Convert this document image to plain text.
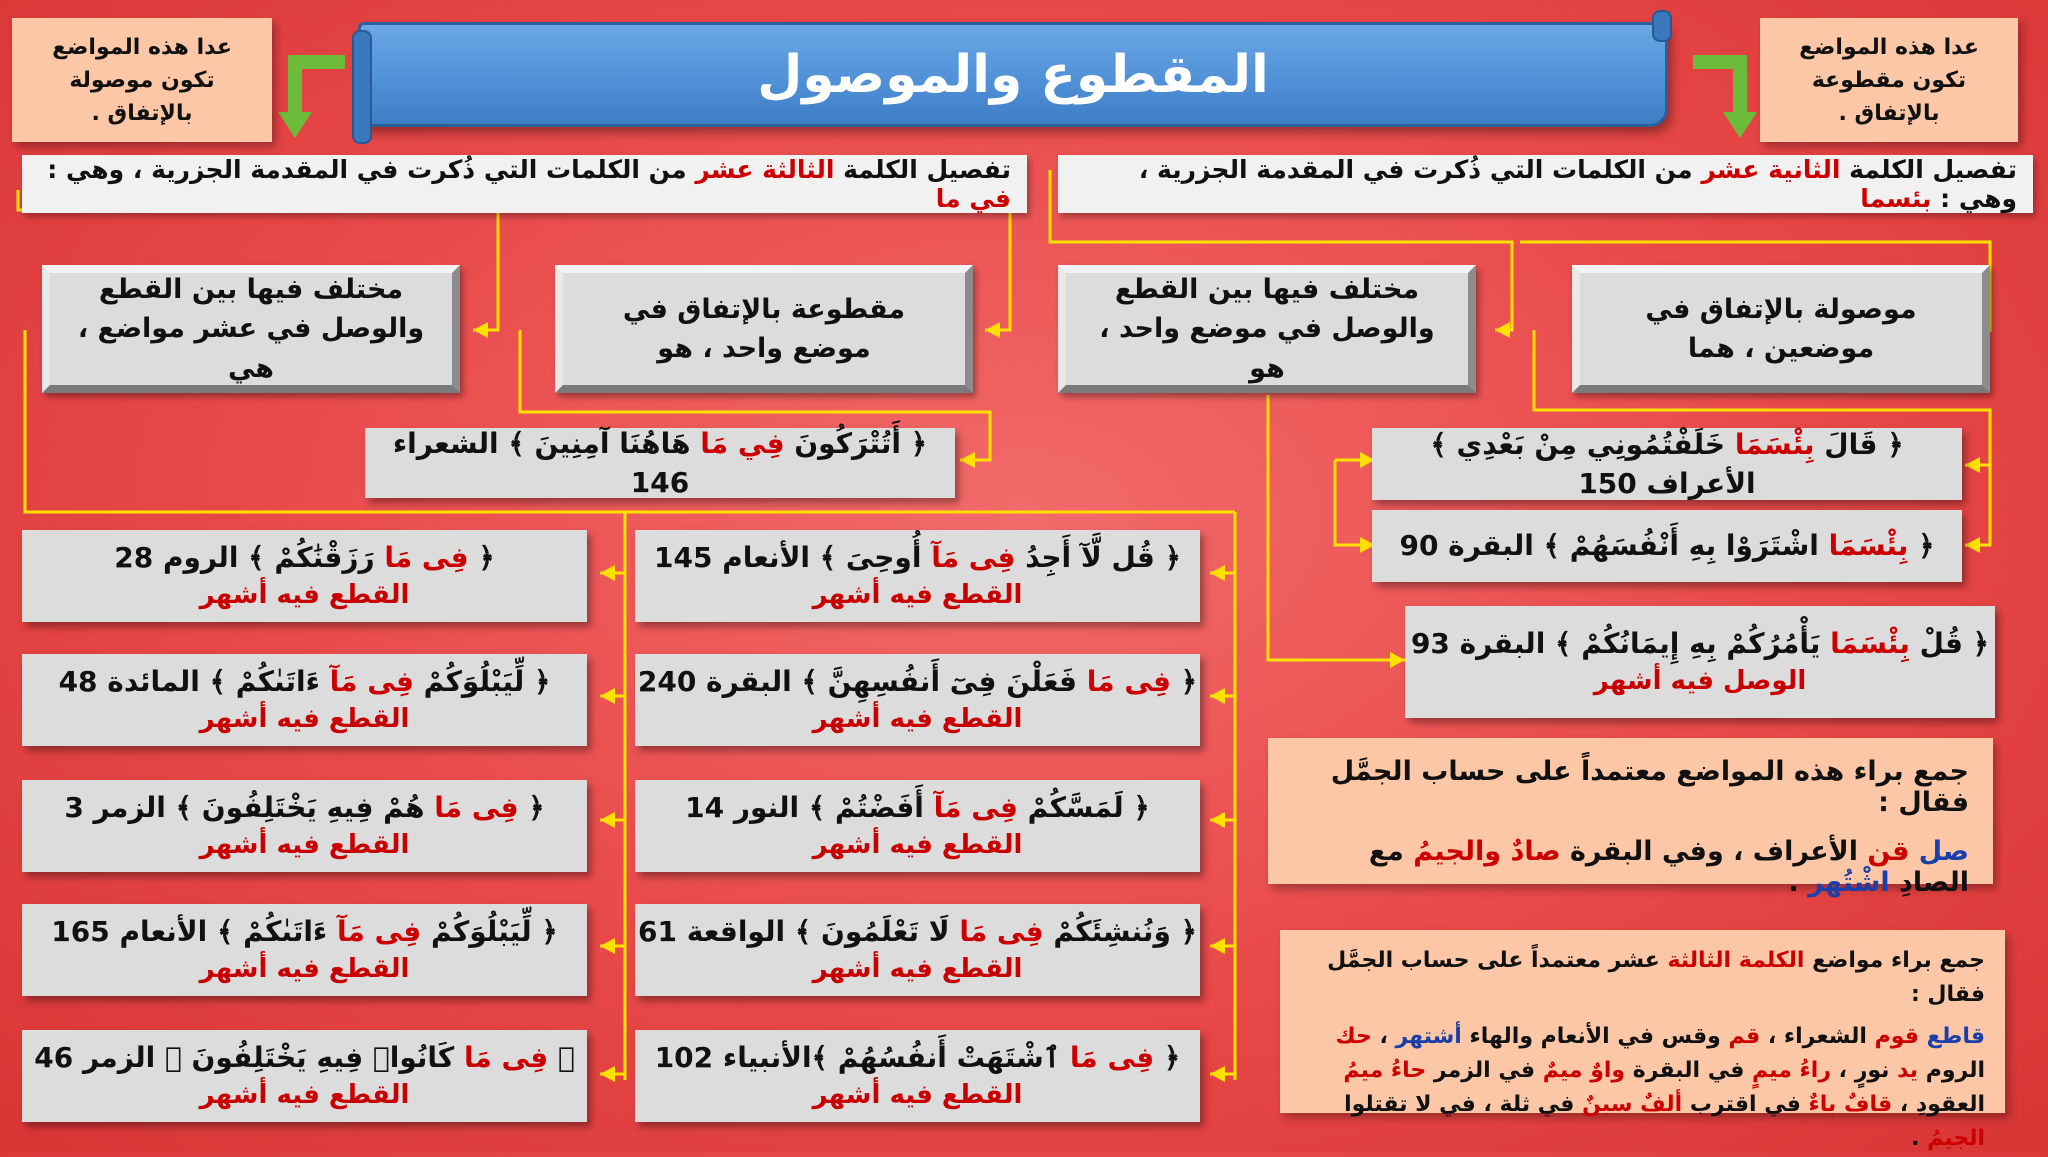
المقطوع والموصول
عدا هذه المواضع تكون موصولة بالإتفاق .
عدا هذه المواضع تكون مقطوعة بالإتفاق .
تفصيل الكلمة الثالثة عشر من الكلمات التي ذُكرت في المقدمة الجزرية ، وهي : في ما
تفصيل الكلمة الثانية عشر من الكلمات التي ذُكرت في المقدمة الجزرية ، وهي : بئسما
مختلف فيها بين القطع والوصل في عشر مواضع ، هي
مقطوعة بالإتفاق في موضع واحد ، هو
مختلف فيها بين القطع والوصل في موضع واحد ، هو
موصولة بالإتفاق في موضعين ، هما
﴿ قَالَ بِئْسَمَا خَلَفْتُمُونِي مِنْ بَعْدِي ﴾ الأعراف 150
﴿ بِئْسَمَا اشْتَرَوْا بِهِ أَنْفُسَهُمْ ﴾ البقرة 90
﴿ قُلْ بِئْسَمَا يَأْمُرُكُمْ بِهِ إِيمَانُكُمْ ﴾ البقرة 93
الوصل فيه أشهر
﴿ أَتُتْرَكُونَ فِي مَا هَاهُنَا آمِنِينَ ﴾ الشعراء 146
﴿ قُل لَّآ أَجِدُ فِى مَآ أُوحِىَ ﴾ الأنعام 145
القطع فيه أشهر
﴿ فِى مَا فَعَلْنَ فِىٓ أَنفُسِهِنَّ ﴾ البقرة 240
القطع فيه أشهر
﴿ لَمَسَّكُمْ فِى مَآ أَفَضْتُمْ ﴾ النور 14
القطع فيه أشهر
﴿ وَنُنشِئَكُمْ فِى مَا لَا تَعْلَمُونَ ﴾ الواقعة 61
القطع فيه أشهر
﴿ فِى مَا ٱشْتَهَتْ أَنفُسُهُمْ ﴾الأنبياء 102
القطع فيه أشهر
﴿ فِى مَا رَزَقْنَٰكُمْ ﴾ الروم 28
القطع فيه أشهر
﴿ لِّيَبْلُوَكُمْ فِى مَآ ءَاتَىٰكُمْ ﴾ المائدة 48
القطع فيه أشهر
﴿ فِى مَا هُمْ فِيهِ يَخْتَلِفُونَ ﴾ الزمر 3
القطع فيه أشهر
﴿ لِّيَبْلُوَكُمْ فِى مَآ ءَاتَىٰكُمْ ﴾ الأنعام 165
القطع فيه أشهر
﴿ فِى مَا كَانُوا۟ فِيهِ يَخْتَلِفُونَ ﴾ الزمر 46
القطع فيه أشهر
جمع براء هذه المواضع معتمداً على حساب الجمَّل فقال :
صل قن الأعراف ، وفي البقرة صادٌ والجيمُ مع الصادِ اشْتُهر .
جمع براء مواضع الكلمة الثالثة عشر معتمداً على حساب الجمَّل فقال :
قاطع قوم الشعراء ، قم وقس في الأنعام والهاء أشتهر ، حك الروم يد نورٍ ، راءُ ميمٍ في البقرة واوٌ ميمٌ في الزمر حاءُ ميمُ العقودِ ، قافٌ باءٌ في اقترب ألفٌ سينٌ في ثلة ، في لا تقتلوا الجيمُ .
